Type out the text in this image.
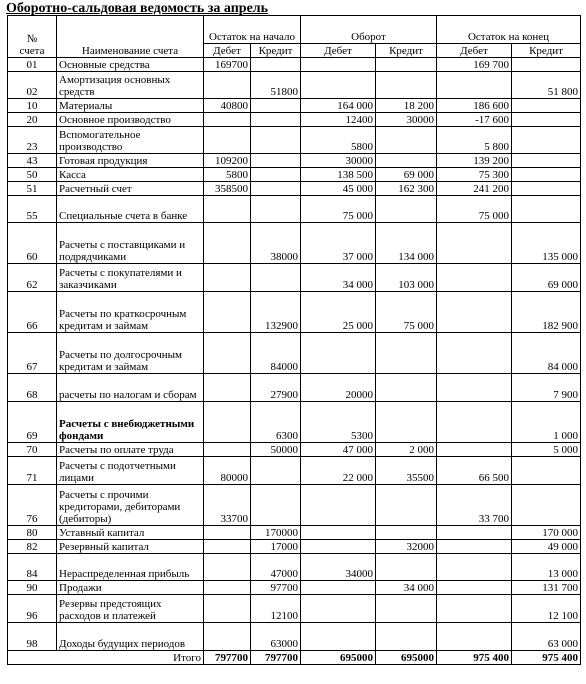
Оборотно-сальдовая ведомость за апрель
№
счета	Наименование счета	Остаток на начало		Оборот		Остаток на конец	
		Дебет	Кредит	Дебет	Кредит	Дебет	Кредит
01	Основные средства	169700				169 700	
02	Амортизация основных средств		51800				51 800
10	Материалы	40800		164 000	18 200	186 600	
20	Основное производство			12400	30000	-17 600	
23	Вспомогательное производство			5800		5 800	
43	Готовая продукция	109200		30000		139 200	
50	Касса	5800		138 500	69 000	75 300	
51	Расчетный счет	358500		45 000	162 300	241 200	
55	Специальные счета в банке			75 000		75 000	
60	Расчеты с поставщиками и подрядчиками		38000	37 000	134 000		135 000
62	Расчеты с покупателями и заказчиками			34 000	103 000		69 000
66	Расчеты по краткосрочным кредитам и займам		132900	25 000	75 000		182 900
67	Расчеты по долгосрочным кредитам и займам		84000				84 000
68	расчеты по налогам и сборам		27900	20000			7 900
69	Расчеты с внебюджетными фондами		6300	5300			1 000
70	Расчеты по оплате труда		50000	47 000	2 000		5 000
71	Расчеты с подотчетными лицами	80000		22 000	35500	66 500	
76	Расчеты с прочими кредиторами, дебиторами (дебиторы)	33700				33 700	
80	Уставный капитал		170000				170 000
82	Резервный капитал		17000		32000		49 000
84	Нераспределенная прибыль		47000	34000			13 000
90	Продажи		97700		34 000		131 700
96	Резервы предстоящих расходов и платежей		12100				12 100
98	Доходы будущих периодов		63000				63 000
Итого		797700	797700	695000	695000	975 400	975 400
